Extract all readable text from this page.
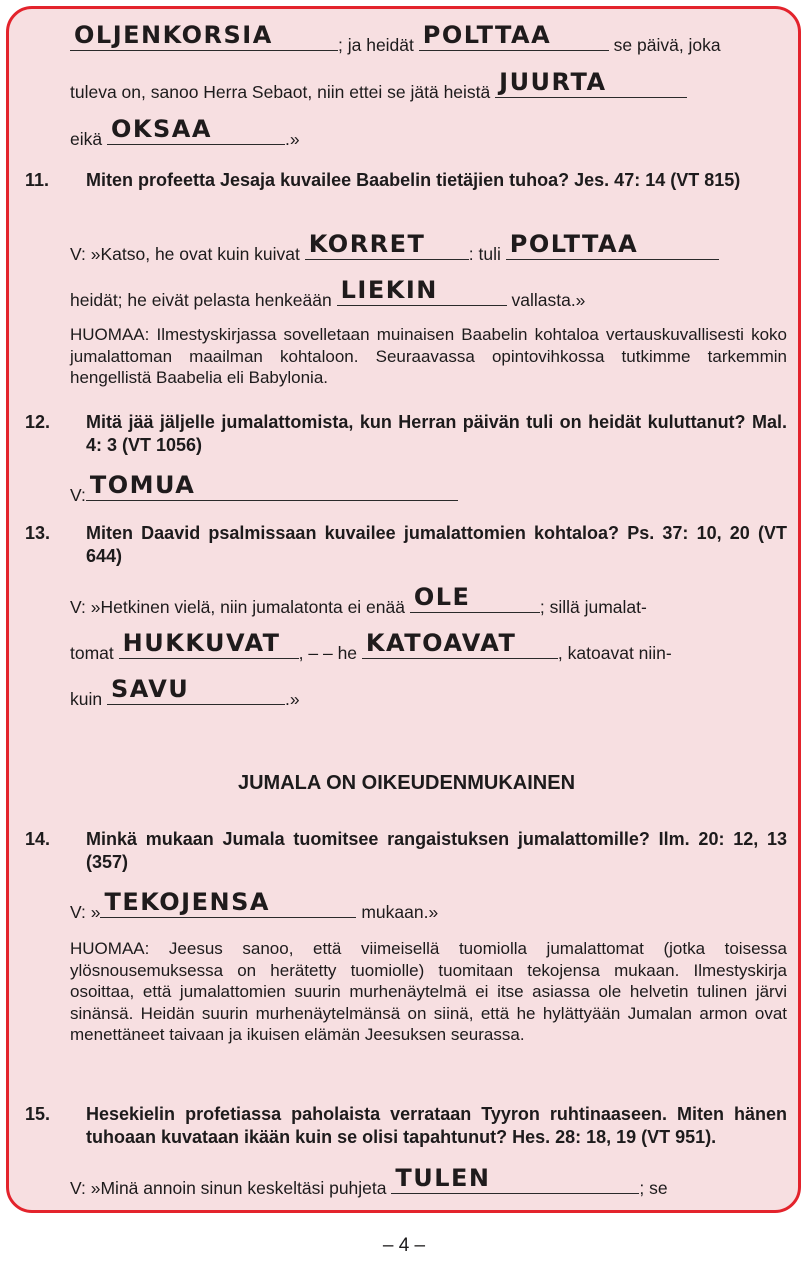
OLJENKORSIA	; ja heidät POLTTAA	se päivä, joka
tuleva on, sanoo Herra Sebaot, niin ettei se jätä heistä JUURTA
eikä OKSAA	.»
11. Miten profeetta Jesaja kuvailee Baabelin tietäjien tuhoa? Jes. 47: 14 (VT 815)
V: »Katso, he ovat kuin kuivat KORRET : tuli POLTTAA
heidät; he eivät pelasta henkeään LIEKIN	vallasta.»
HUOMAA: Ilmestyskirjassa sovelletaan muinaisen Baabelin kohtaloa vertauskuvallisesti koko jumalattoman maailman kohtaloon. Seuraavassa opintovihkossa tutkimme tarkemmin hengellistä Baabelia eli Babylonia.
12. Mitä jää jäljelle jumalattomista, kun Herran päivän tuli on heidät kuluttanut? Mal. 4: 3 (VT 1056)
V: TOMUA
13. Miten Daavid psalmissaan kuvailee jumalattomien kohtaloa? Ps. 37: 10, 20 (VT 644)
V: »Hetkinen vielä, niin jumalatonta ei enää OLE	; sillä jumalat-
tomat HUKKUVAT , – – he KATOAVAT , katoavat niin-
kuin SAVU	.»
JUMALA ON OIKEUDENMUKAINEN
14. Minkä mukaan Jumala tuomitsee rangaistuksen jumalattomille? Ilm. 20: 12, 13 (357)
V: » TEKOJENSA	mukaan.»
HUOMAA: Jeesus sanoo, että viimeisellä tuomiolla jumalattomat (jotka toisessa ylösnousemuksessa on herätetty tuomiolle) tuomitaan tekojensa mukaan. Ilmestyskirja osoittaa, että jumalattomien suurin murhenäytelmä ei itse asiassa ole helvetin tulinen järvi sinänsä. Heidän suurin murhenäytelmänsä on siinä, että he hylättyään Jumalan armon ovat menettäneet taivaan ja ikuisen elämän Jeesuksen seurassa.
15. Hesekielin profetiassa paholaista verrataan Tyyron ruhtinaaseen. Miten hänen tuhoaan kuvataan ikään kuin se olisi tapahtunut? Hes. 28: 18, 19 (VT 951).
V: »Minä annoin sinun keskeltäsi puhjeta TULEN	; se
– 4 –
